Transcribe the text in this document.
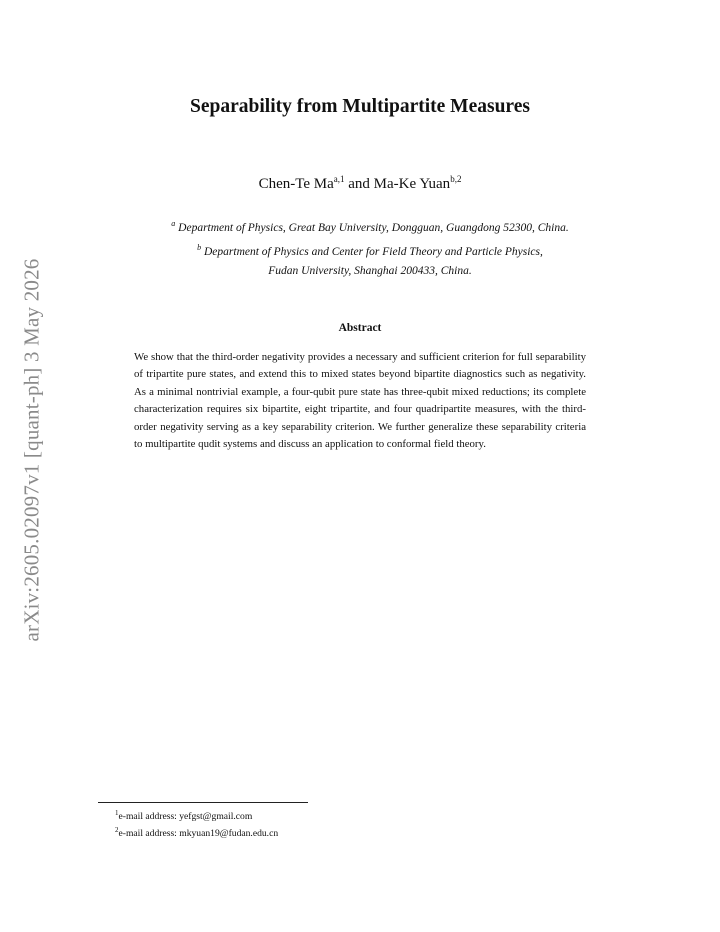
arXiv:2605.02097v1 [quant-ph] 3 May 2026
Separability from Multipartite Measures
Chen-Te Ma$^{a,1}$ and Ma-Ke Yuan$^{b,2}$
$^a$ Department of Physics, Great Bay University, Dongguan, Guangdong 52300, China.
$^b$ Department of Physics and Center for Field Theory and Particle Physics,
Fudan University, Shanghai 200433, China.
Abstract
We show that the third-order negativity provides a necessary and sufficient criterion for full separability of tripartite pure states, and extend this to mixed states beyond bipartite diagnostics such as negativity. As a minimal nontrivial example, a four-qubit pure state has three-qubit mixed reductions; its complete characterization requires six bipartite, eight tripartite, and four quadripartite measures, with the third-order negativity serving as a key separability criterion. We further generalize these separability criteria to multipartite qudit systems and discuss an application to conformal field theory.
$^1$e-mail address: yefgst@gmail.com
$^2$e-mail address: mkyuan19@fudan.edu.cn
